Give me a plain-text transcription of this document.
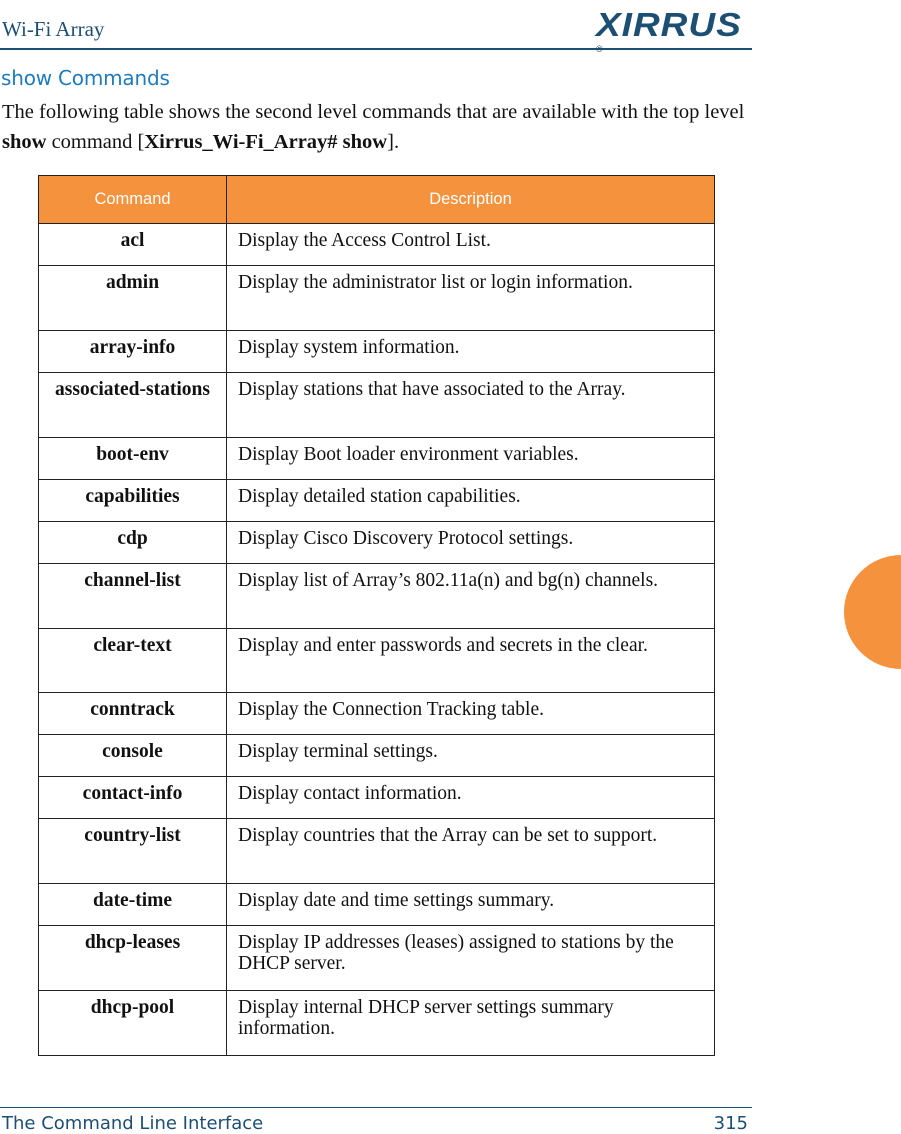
Wi-Fi Array	XIRRUS®
show Commands
The following table shows the second level commands that are available with the top level show command [Xirrus_Wi-Fi_Array# show].
Command	Description
acl	Display the Access Control List.
admin	Display the administrator list or login information.
array-info	Display system information.
associated-stations	Display stations that have associated to the Array.
boot-env	Display Boot loader environment variables.
capabilities	Display detailed station capabilities.
cdp	Display Cisco Discovery Protocol settings.
channel-list	Display list of Array’s 802.11a(n) and bg(n) channels.
clear-text	Display and enter passwords and secrets in the clear.
conntrack	Display the Connection Tracking table.
console	Display terminal settings.
contact-info	Display contact information.
country-list	Display countries that the Array can be set to support.
date-time	Display date and time settings summary.
dhcp-leases	Display IP addresses (leases) assigned to stations by the DHCP server.
dhcp-pool	Display internal DHCP server settings summary information.
The Command Line Interface	315
